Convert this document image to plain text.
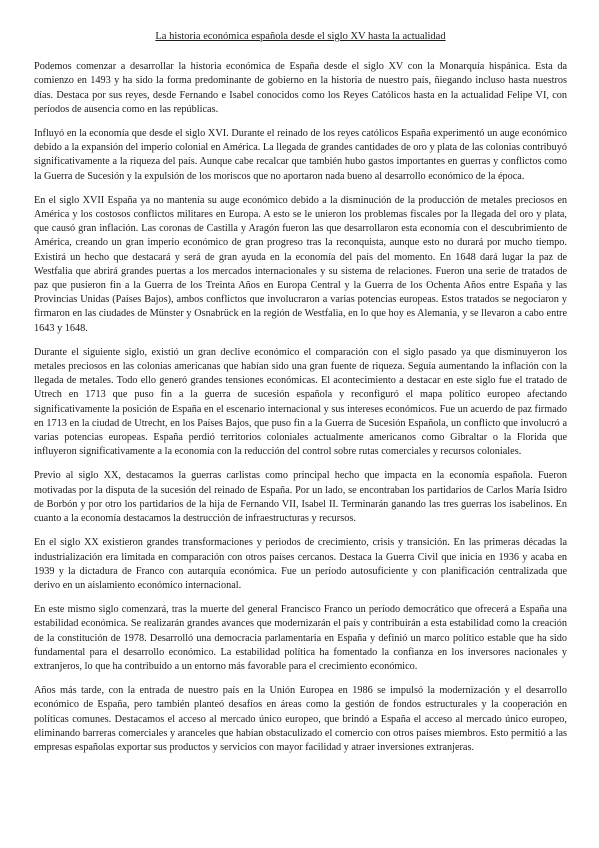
La historia económica española desde el siglo XV hasta la actualidad

Podemos comenzar a desarrollar la historia económica de España desde el siglo XV con la Monarquía hispánica. Esta da comienzo en 1493 y ha sido la forma predominante de gobierno en la historia de nuestro país, ñiegando incluso hasta nuestros días. Destaca por sus reyes, desde Fernando e Isabel conocidos como los Reyes Católicos hasta en la actualidad Felipe VI, con períodos de ausencia como en las repúblicas.

Influyó en la economía que desde el siglo XVI. Durante el reinado de los reyes católicos España experimentó un auge económico debido a la expansión del imperio colonial en América. La llegada de grandes cantidades de oro y plata de las colonias contribuyó significativamente a la riqueza del país. Aunque cabe recalcar que también hubo gastos importantes en guerras y conflictos como la Guerra de Sucesión y la expulsión de los moriscos que no aportaron nada bueno al desarrollo económico de la época.

En el siglo XVII España ya no mantenía su auge económico debido a la disminución de la producción de metales preciosos en América y los costosos conflictos militares en Europa. A esto se le unieron los problemas fiscales por la llegada del oro y plata, que causó gran inflación. Las coronas de Castilla y Aragón fueron las que desarrollaron esta economía con el descubrimiento de América, creando un gran imperio económico de gran progreso tras la reconquista, aunque esto no durará por mucho tiempo. Existirá un hecho que destacará y será de gran ayuda en la economía del país del momento. En 1648 dará lugar la paz de Westfalia que abrirá grandes puertas a los mercados internacionales y su sistema de relaciones. Fueron una serie de tratados de paz que pusieron fin a la Guerra de los Treinta Años en Europa Central y la Guerra de los Ochenta Años entre España y las Provincias Unidas (Países Bajos), ambos conflictos que involucraron a varias potencias europeas. Estos tratados se negociaron y firmaron en las ciudades de Münster y Osnabrück en la región de Westfalia, en lo que hoy es Alemania, y se llevaron a cabo entre 1643 y 1648.

Durante el siguiente siglo, existió un gran declive económico el comparación con el siglo pasado ya que disminuyeron los metales preciosos en las colonias americanas que habían sido una gran fuente de riqueza. Seguía aumentando la inflación con la llegada de metales. Todo ello generó grandes tensiones económicas. El acontecimiento a destacar en este siglo fue el tratado de Utrech en 1713 que puso fin a la guerra de sucesión española y reconfiguró el mapa político europeo afectando significativamente la posición de España en el escenario internacional y sus intereses económicos. Fue un acuerdo de paz firmado en 1713 en la ciudad de Utrecht, en los Países Bajos, que puso fin a la Guerra de Sucesión Española, un conflicto que involucró a varias potencias europeas. España perdió territorios coloniales actualmente americanos como Gibraltar o la Florida que influyeron significativamente a la economía con la reducción del control sobre rutas comerciales y recursos coloniales.

Previo al siglo XX, destacamos la guerras carlistas como principal hecho que impacta en la economía española. Fueron motivadas por la disputa de la sucesión del reinado de España. Por un lado, se encontraban los partidarios de Carlos María Isidro de Borbón y por otro los partidarios de la hija de Fernando VII, Isabel II. Terminarán ganando las tres guerras los isabelinos. En cuanto a la economía destacamos la destrucción de infraestructuras y recursos.

En el siglo XX existieron grandes transformaciones y periodos de crecimiento, crisis y transición. En las primeras décadas la industrialización era limitada en comparación con otros países cercanos. Destaca la Guerra Civil que inicia en 1936 y acaba en 1939 y la dictadura de Franco con autarquía económica. Fue un período autosuficiente y con planificación centralizada que derivo en un aislamiento económico internacional.

En este mismo siglo comenzará, tras la muerte del general Francisco Franco un período democrático que ofrecerá a España una estabilidad económica. Se realizarán grandes avances que modernizarán el país y contribuirán a esta estabilidad como la creación de la constitución de 1978. Desarrolló una democracia parlamentaria en España y definió un marco político estable que ha sido fundamental para el desarrollo económico. La estabilidad política ha fomentado la confianza en los inversores nacionales y extranjeros, lo que ha contribuido a un entorno más favorable para el crecimiento económico.

Años más tarde, con la entrada de nuestro país en la Unión Europea en 1986 se impulsó la modernización y el desarrollo económico de España, pero también planteó desafíos en áreas como la gestión de fondos estructurales y la cooperación en políticas comunes. Destacamos el acceso al mercado único europeo, que brindó a España el acceso al mercado único europeo, eliminando barreras comerciales y aranceles que habían obstaculizado el comercio con otros países miembros. Esto permitió a las empresas españolas exportar sus productos y servicios con mayor facilidad y atraer inversiones extranjeras.
